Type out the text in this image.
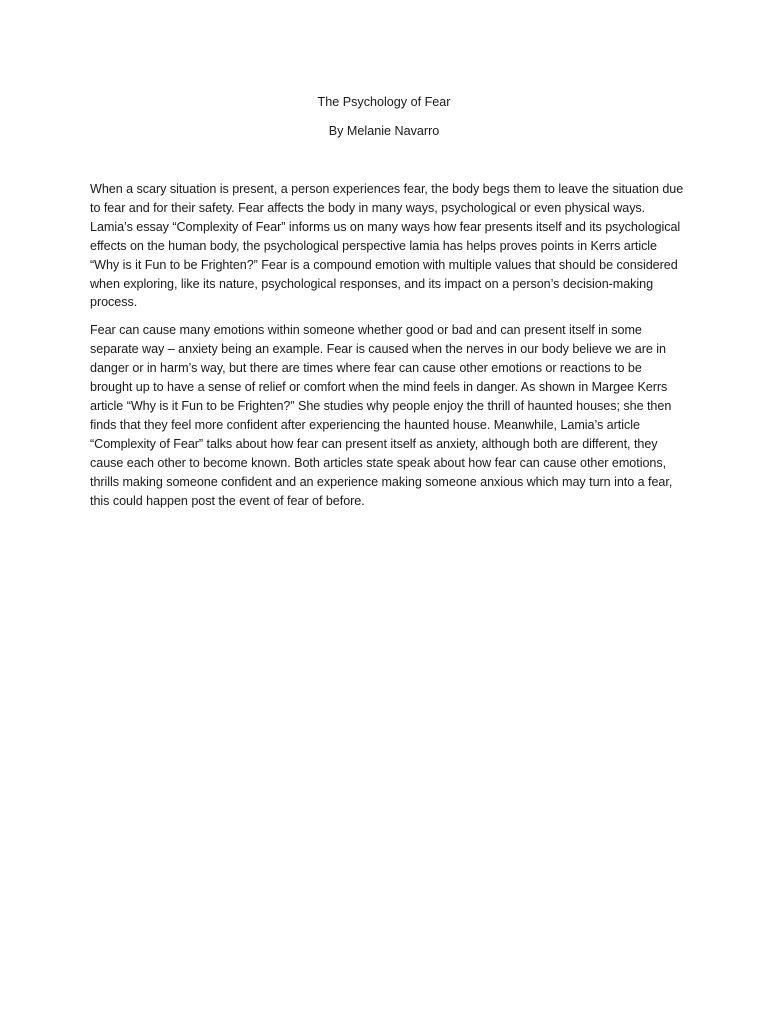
The Psychology of Fear
By Melanie Navarro

When a scary situation is present, a person experiences fear, the body begs them to leave the situation due to fear and for their safety. Fear affects the body in many ways, psychological or even physical ways. Lamia’s essay “Complexity of Fear” informs us on many ways how fear presents itself and its psychological effects on the human body, the psychological perspective lamia has helps proves points in Kerrs article “Why is it Fun to be Frighten?” Fear is a compound emotion with multiple values that should be considered when exploring, like its nature, psychological responses, and its impact on a person’s decision-making process.

Fear can cause many emotions within someone whether good or bad and can present itself in some separate way – anxiety being an example. Fear is caused when the nerves in our body believe we are in danger or in harm’s way, but there are times where fear can cause other emotions or reactions to be brought up to have a sense of relief or comfort when the mind feels in danger. As shown in Margee Kerrs article “Why is it Fun to be Frighten?” She studies why people enjoy the thrill of haunted houses; she then finds that they feel more confident after experiencing the haunted house. Meanwhile, Lamia’s article “Complexity of Fear” talks about how fear can present itself as anxiety, although both are different, they cause each other to become known. Both articles state speak about how fear can cause other emotions, thrills making someone confident and an experience making someone anxious which may turn into a fear, this could happen post the event of fear of before.
